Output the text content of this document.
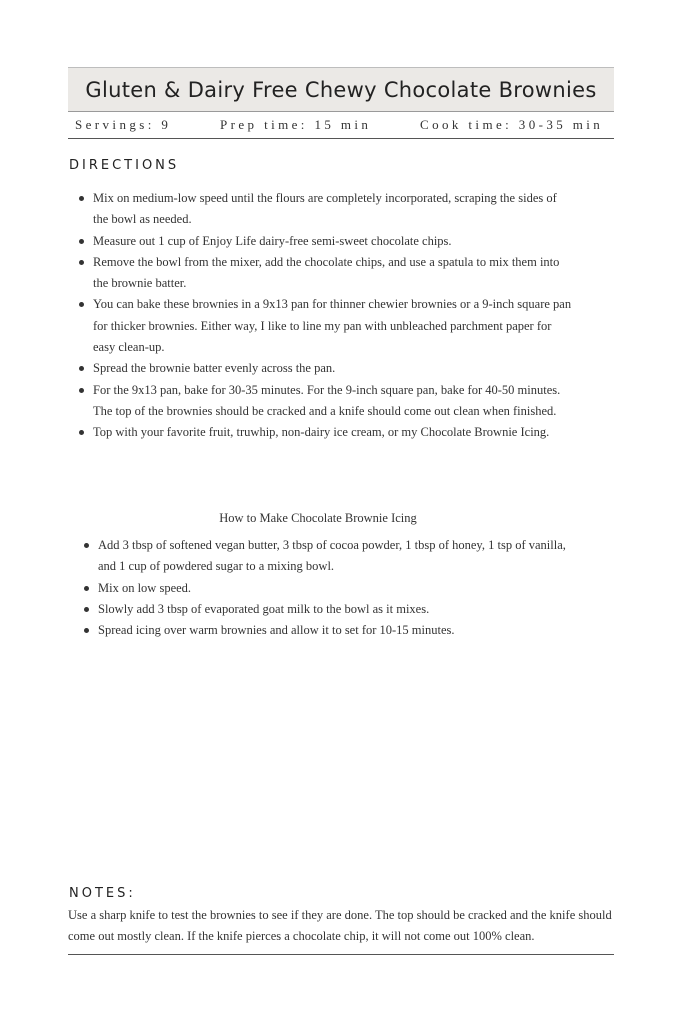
Gluten & Dairy Free Chewy Chocolate Brownies
Servings: 9	Prep time: 15 min	Cook time: 30-35 min
DIRECTIONS
Mix on medium-low speed until the flours are completely incorporated, scraping the sides of the bowl as needed.
Measure out 1 cup of Enjoy Life dairy-free semi-sweet chocolate chips.
Remove the bowl from the mixer, add the chocolate chips, and use a spatula to mix them into the brownie batter.
You can bake these brownies in a 9x13 pan for thinner chewier brownies or a 9-inch square pan for thicker brownies. Either way, I like to line my pan with unbleached parchment paper for easy clean-up.
Spread the brownie batter evenly across the pan.
For the 9x13 pan, bake for 30-35 minutes. For the 9-inch square pan, bake for 40-50 minutes. The top of the brownies should be cracked and a knife should come out clean when finished.
Top with your favorite fruit, truwhip, non-dairy ice cream, or my Chocolate Brownie Icing.
How to Make Chocolate Brownie Icing
Add 3 tbsp of softened vegan butter, 3 tbsp of cocoa powder, 1 tbsp of honey, 1 tsp of vanilla, and 1 cup of powdered sugar to a mixing bowl.
Mix on low speed.
Slowly add 3 tbsp of evaporated goat milk to the bowl as it mixes.
Spread icing over warm brownies and allow it to set for 10-15 minutes.
NOTES:
Use a sharp knife to test the brownies to see if they are done. The top should be cracked and the knife should come out mostly clean. If the knife pierces a chocolate chip, it will not come out 100% clean.
